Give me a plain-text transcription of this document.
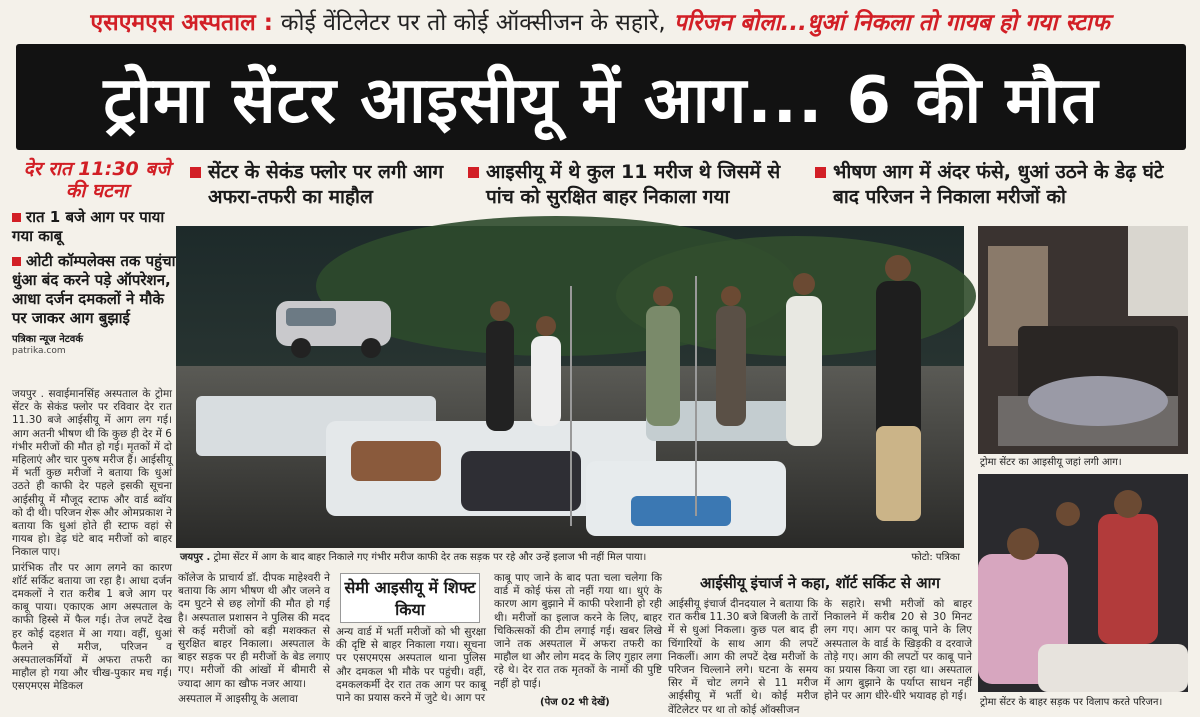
एसएमएस अस्पताल : कोई वेंटिलेटर पर तो कोई ऑक्सीजन के सहारे, परिजन बोला...धुआं निकला तो गायब हो गया स्टाफ
ट्रोमा सेंटर आइसीयू में आग... 6 की मौत
देर रात 11:30 बजे की घटना
रात 1 बजे आग पर पाया गया काबू
ओटी कॉम्पलेक्स तक पहुंचा धुंआ बंद करने पड़े ऑपरेशन, आधा दर्जन दमकलों ने मौके पर जाकर आग बुझाई
पत्रिका न्यूज नेटवर्क
patrika.com
सेंटर के सेकंड फ्लोर पर लगी आग अफरा-तफरी का माहौल
आइसीयू में थे कुल 11 मरीज थे जिसमें से पांच को सुरक्षित बाहर निकाला गया
भीषण आग में अंदर फंसे, धुआं उठने के डेढ़ घंटे बाद परिजन ने निकाला मरीजों को
जयपुर . ट्रोमा सेंटर में आग के बाद बाहर निकाले गए गंभीर मरीज काफी देर तक सड़क पर रहे और उन्हें इलाज भी नहीं मिल पाया।	फोटो: पत्रिका
ट्रोमा सेंटर का आइसीयू जहां लगी आग।
ट्रोमा सेंटर के बाहर सड़क पर विलाप करते परिजन।

जयपुर . सवाईमानसिंह अस्पताल के ट्रोमा सेंटर के सेकंड फ्लोर पर रविवार देर रात 11.30 बजे आईसीयू में आग लग गई। आग अतनी भीषण थी कि कुछ ही देर में 6 गंभीर मरीजों की मौत हो गई। मृतकों में दो महिलाएं और चार पुरुष मरीज हैं। आईसीयू में भर्ती कुछ मरीजों ने बताया कि धुआं उठते ही काफी देर पहले इसकी सूचना आईसीयू में मौजूद स्टाफ और वार्ड ब्वॉय को दी थी। परिजन शेरू और ओमप्रकाश ने बताया कि धुआं होते ही स्टाफ वहां से गायब हो। डेढ़ घंटे बाद मरीजों को बाहर निकाल पाए।

प्रारंभिक तौर पर आग लगने का कारण शॉर्ट सर्किट बताया जा रहा है। आधा दर्जन दमकलों ने रात करीब 1 बजे आग पर काबू पाया। एकाएक आग अस्पताल के काफी हिस्से में फैल गई। तेज लपटें देख हर कोई दहशत में आ गया। वहीं, धुआं फैलने से मरीज, परिजन व अस्पतालकर्मियों में अफरा तफरी का माहौल हो गया और चीख-पुकार मच गई। एसएमएस मेडिकल

कॉलेज के प्राचार्य डॉ. दीपक माहेश्वरी ने बताया कि आग भीषण थी और जलने व दम घुटने से छह लोगों की मौत हो गई है। अस्पताल प्रशासन ने पुलिस की मदद से कई मरीजों को बड़ी मशक्कत से सुरक्षित बाहर निकाला। अस्पताल के बाहर सड़क पर ही मरीजों के बेड लगाए गए। मरीजों की आंखों में बीमारी से ज्यादा आग का खौफ नजर आया।

अस्पताल में आइसीयू के अलावा

सेमी आइसीयू में शिफ्ट किया
अन्य वार्ड में भर्ती मरीजों को भी सुरक्षा की दृष्टि से बाहर निकाला गया। सूचना पर एसएमएस अस्पताल थाना पुलिस और दमकल भी मौके पर पहुंची। वहीं, दमकलकर्मी देर रात तक आग पर काबू पाने का प्रयास करने में जुटे थे। आग पर
काबू पाए जाने के बाद पता चला चलेगा कि वार्ड में कोई फंस तो नहीं गया था। धुएं के कारण आग बुझाने में काफी परेशानी हो रही थी। मरीजों का इलाज करने के लिए, बाहर चिकित्सकों की टीम लगाई गई। खबर लिखे जाने तक अस्पताल में अफरा तफरी का माहौल था और लोग मदद के लिए गुहार लगा रहे थे। देर रात तक मृतकों के नामों की पुष्टि नहीं हो पाई।
(पेज 02 भी देखें)
आईसीयू इंचार्ज ने कहा, शॉर्ट सर्किट से आग
आईसीयू इंचार्ज दीनदयाल ने बताया कि रात करीब 11.30 बजे बिजली के तारों में से धुआं निकला। कुछ पल बाद ही चिंगारियों के साथ आग की लपटें निकलीं। आग की लपटें देख मरीजों के परिजन चिल्लाने लगे। घटना के समय सिर में चोट लगने से 11 मरीज आईसीयू में भर्ती थे। कोई मरीज वेंटिलेटर पर था तो कोई ऑक्सीजन
के सहारे। सभी मरीजों को बाहर निकालने में करीब 20 से 30 मिनट लग गए। आग पर काबू पाने के लिए अस्पताल के वार्ड के खिड़की व दरवाजे तोड़े गए। आग की लपटों पर काबू पाने का प्रयास किया जा रहा था। अस्पताल में आग बुझाने के पर्याप्त साधन नहीं होने पर आग धीरे-धीरे भयावह हो गई।
